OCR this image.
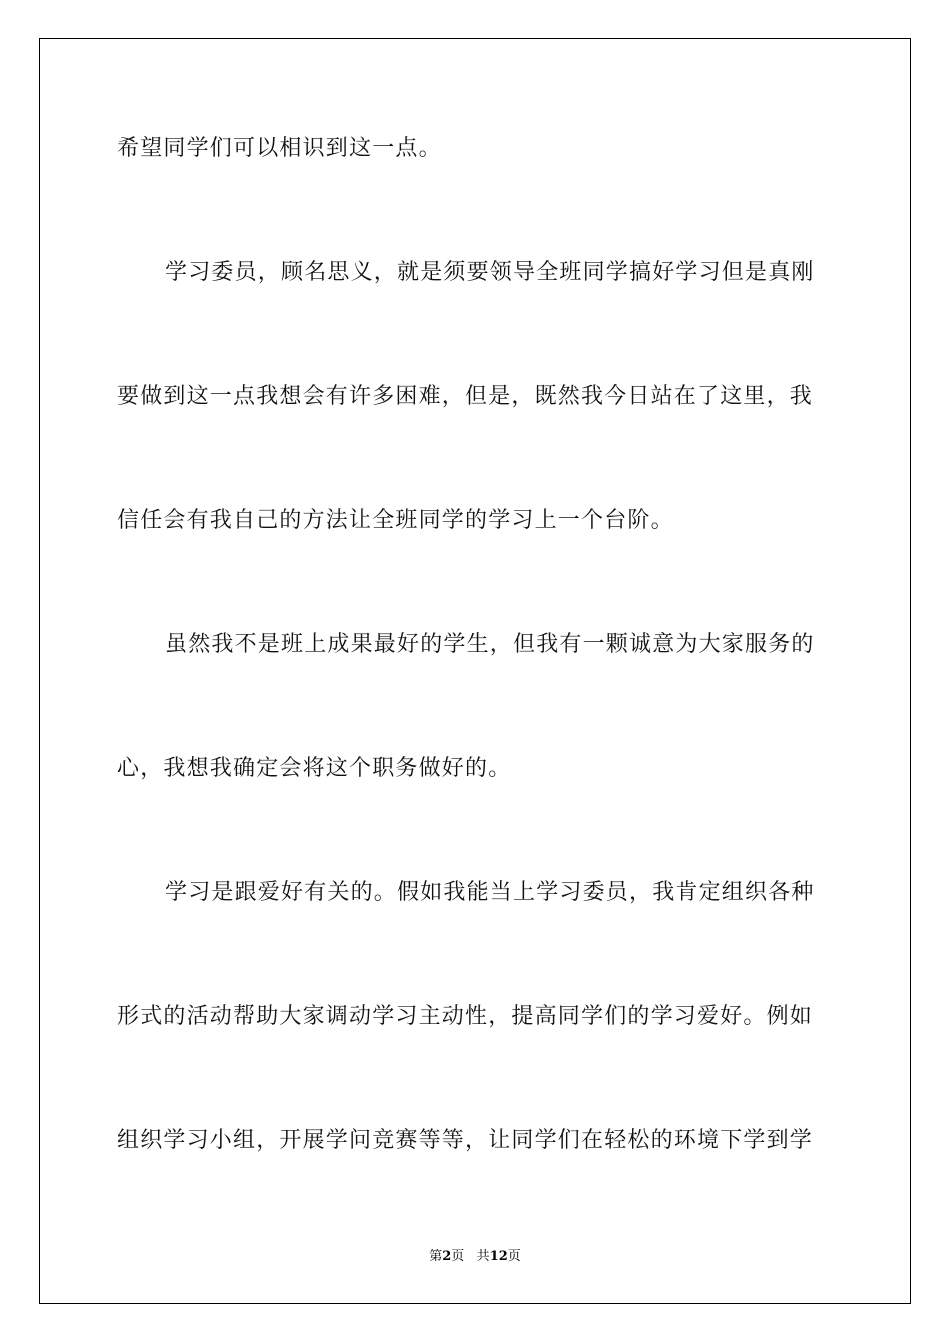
希望同学们可以相识到这一点。
学习委员，顾名思义，就是须要领导全班同学搞好学习但是真刚
要做到这一点我想会有许多困难，但是，既然我今日站在了这里，我
信任会有我自己的方法让全班同学的学习上一个台阶。
虽然我不是班上成果最好的学生，但我有一颗诚意为大家服务的
心，我想我确定会将这个职务做好的。
学习是跟爱好有关的。假如我能当上学习委员，我肯定组织各种
形式的活动帮助大家调动学习主动性，提高同学们的学习爱好。例如
组织学习小组，开展学问竞赛等等，让同学们在轻松的环境下学到学
第2页 共12页
